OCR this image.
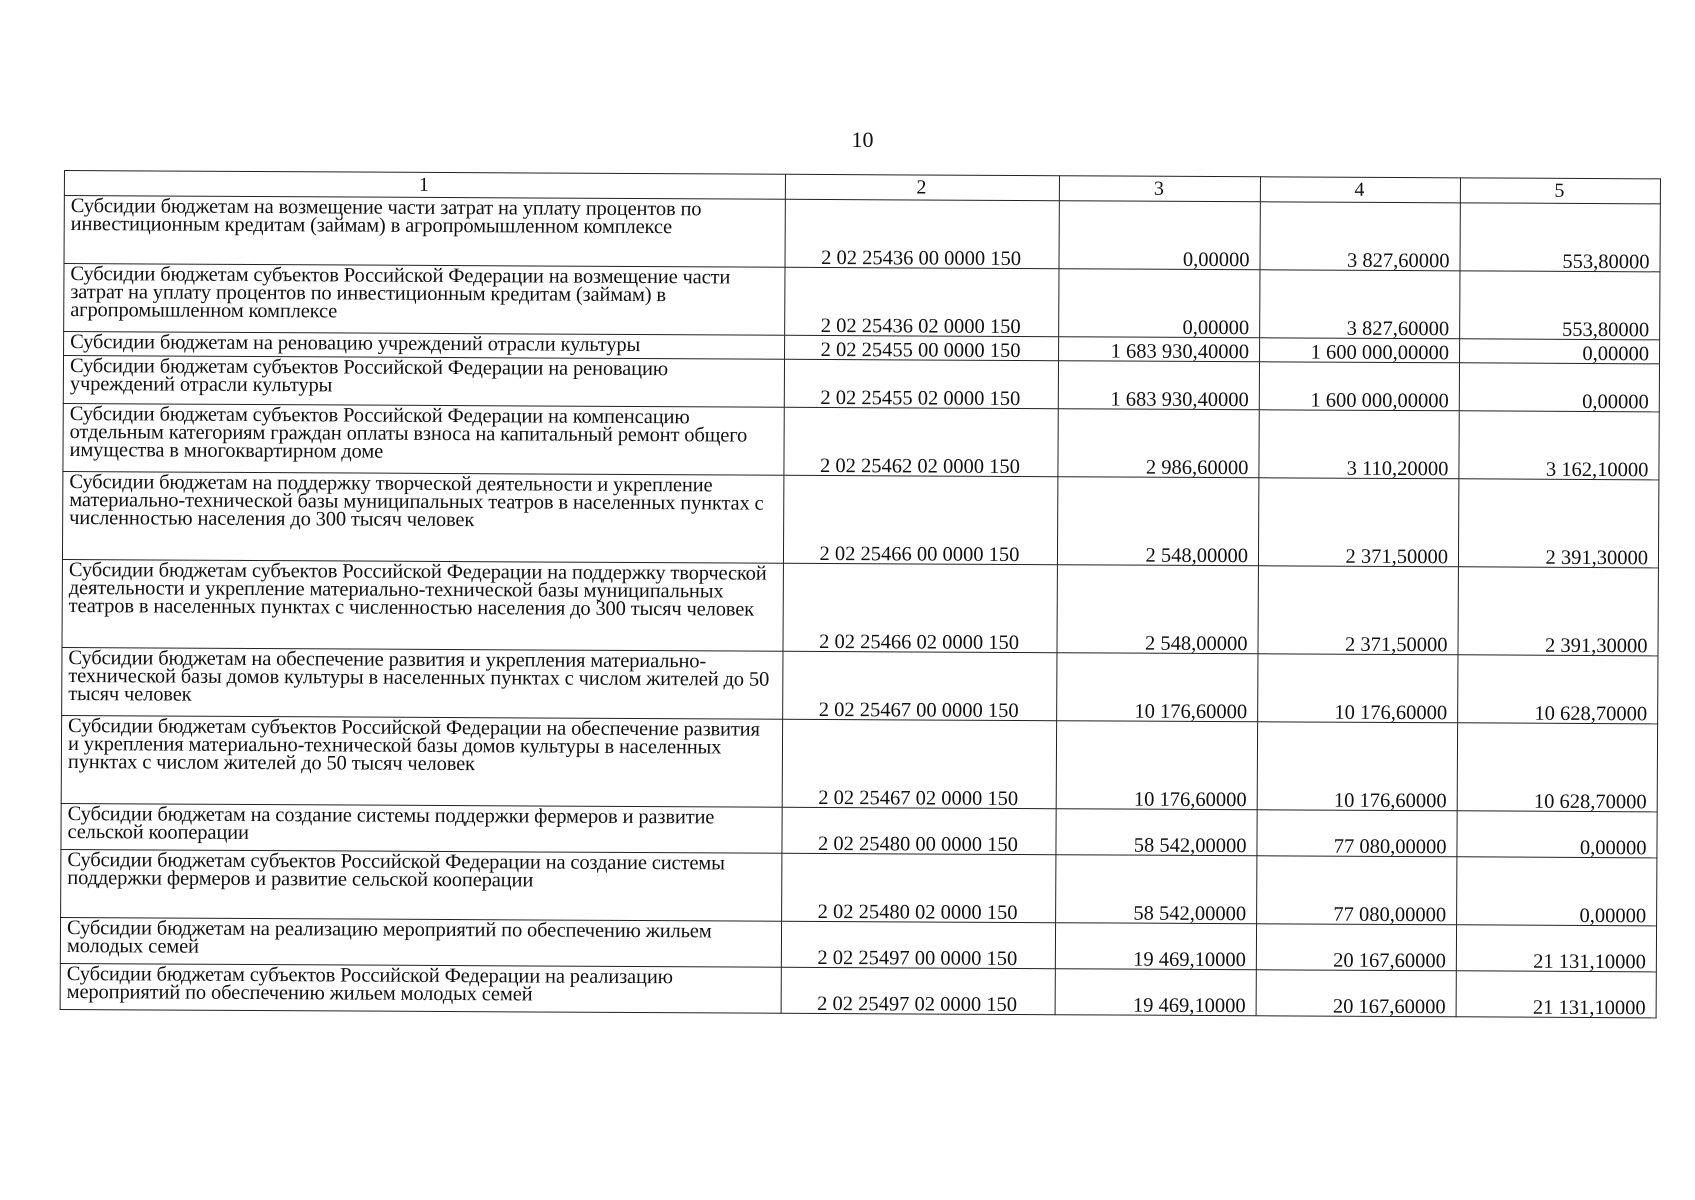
10
1	2	3	4	5
Субсидии бюджетам на возмещение части затрат на уплату процентов по инвестиционным кредитам (займам) в агропромышленном комплексе	2 02 25436 00 0000 150	0,00000	3 827,60000	553,80000
Субсидии бюджетам субъектов Российской Федерации на возмещение части затрат на уплату процентов по инвестиционным кредитам (займам) в агропромышленном комплексе	2 02 25436 02 0000 150	0,00000	3 827,60000	553,80000
Субсидии бюджетам на реновацию учреждений отрасли культуры	2 02 25455 00 0000 150	1 683 930,40000	1 600 000,00000	0,00000
Субсидии бюджетам субъектов Российской Федерации на реновацию учреждений отрасли культуры	2 02 25455 02 0000 150	1 683 930,40000	1 600 000,00000	0,00000
Субсидии бюджетам субъектов Российской Федерации на компенсацию отдельным категориям граждан оплаты взноса на капитальный ремонт общего имущества в многоквартирном доме	2 02 25462 02 0000 150	2 986,60000	3 110,20000	3 162,10000
Субсидии бюджетам на поддержку творческой деятельности и укрепление материально-технической базы муниципальных театров в населенных пунктах с численностью населения до 300 тысяч человек	2 02 25466 00 0000 150	2 548,00000	2 371,50000	2 391,30000
Субсидии бюджетам субъектов Российской Федерации на поддержку творческой деятельности и укрепление материально-технической базы муниципальных театров в населенных пунктах с численностью населения до 300 тысяч человек	2 02 25466 02 0000 150	2 548,00000	2 371,50000	2 391,30000
Субсидии бюджетам на обеспечение развития и укрепления материально-технической базы домов культуры в населенных пунктах с числом жителей до 50 тысяч человек	2 02 25467 00 0000 150	10 176,60000	10 176,60000	10 628,70000
Субсидии бюджетам субъектов Российской Федерации на обеспечение развития и укрепления материально-технической базы домов культуры в населенных пунктах с числом жителей до 50 тысяч человек	2 02 25467 02 0000 150	10 176,60000	10 176,60000	10 628,70000
Субсидии бюджетам на создание системы поддержки фермеров и развитие сельской кооперации	2 02 25480 00 0000 150	58 542,00000	77 080,00000	0,00000
Субсидии бюджетам субъектов Российской Федерации на создание системы поддержки фермеров и развитие сельской кооперации	2 02 25480 02 0000 150	58 542,00000	77 080,00000	0,00000
Субсидии бюджетам на реализацию мероприятий по обеспечению жильем молодых семей	2 02 25497 00 0000 150	19 469,10000	20 167,60000	21 131,10000
Субсидии бюджетам субъектов Российской Федерации на реализацию мероприятий по обеспечению жильем молодых семей	2 02 25497 02 0000 150	19 469,10000	20 167,60000	21 131,10000
